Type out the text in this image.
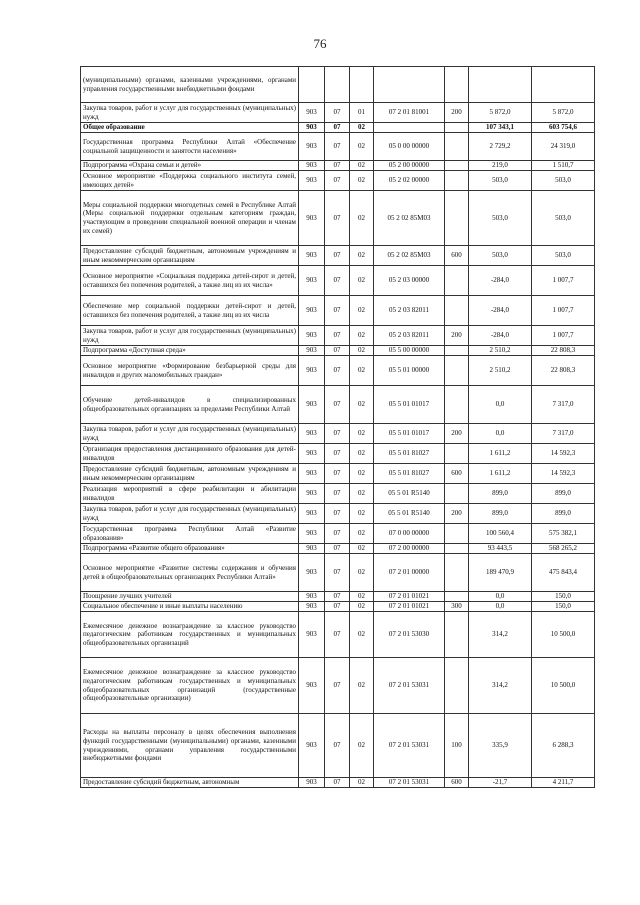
76
(муниципальными) органами, казенными учреждениями, органами управления государственными внебюджетными фондами							
Закупка товаров, работ и услуг для государственных (муниципальных) нужд	903	07	01	07 2 01 81001	200	5 872,0	5 872,0
Общее образование	903	07	02			107 343,1	603 754,6
Государственная программа Республики Алтай «Обеспечение социальной защищенности и занятости населения»	903	07	02	05 0 00 00000		2 729,2	24 319,0
Подпрограмма «Охрана семьи и детей»	903	07	02	05 2 00 00000		219,0	1 510,7
Основное мероприятие «Поддержка социального института семей, имеющих детей»	903	07	02	05 2 02 00000		503,0	503,0
Меры социальной поддержки многодетных семей в Республике Алтай (Меры социальной поддержки отдельным категориям граждан, участвующим в проведении специальной военной операции и членам их семей)	903	07	02	05 2 02 85М03		503,0	503,0
Предоставление субсидий бюджетным, автономным учреждениям и иным некоммерческим организациям	903	07	02	05 2 02 85М03	600	503,0	503,0
Основное мероприятие «Социальная поддержка детей-сирот и детей, оставшихся без попечения родителей, а также лиц из их числа»	903	07	02	05 2 03 00000		-284,0	1 007,7
Обеспечение мер социальной поддержки детей-сирот и детей, оставшихся без попечения родителей, а также лиц из их числа	903	07	02	05 2 03 82011		-284,0	1 007,7
Закупка товаров, работ и услуг для государственных (муниципальных) нужд	903	07	02	05 2 03 82011	200	-284,0	1 007,7
Подпрограмма «Доступная среда»	903	07	02	05 5 00 00000		2 510,2	22 808,3
Основное мероприятие «Формирование безбарьерной среды для инвалидов и других маломобильных граждан»	903	07	02	05 5 01 00000		2 510,2	22 808,3
Обучение детей-инвалидов в специализированных общеобразовательных организациях за пределами Республики Алтай	903	07	02	05 5 01 01017		0,0	7 317,0
Закупка товаров, работ и услуг для государственных (муниципальных) нужд	903	07	02	05 5 01 01017	200	0,0	7 317,0
Организация предоставления дистанционного образования для детей-инвалидов	903	07	02	05 5 01 81027		1 611,2	14 592,3
Предоставление субсидий бюджетным, автономным учреждениям и иным некоммерческим организациям	903	07	02	05 5 01 81027	600	1 611,2	14 592,3
Реализация мероприятий в сфере реабилитации и абилитации инвалидов	903	07	02	05 5 01 R5140		899,0	899,0
Закупка товаров, работ и услуг для государственных (муниципальных) нужд	903	07	02	05 5 01 R5140	200	899,0	899,0
Государственная программа Республики Алтай «Развитие образования»	903	07	02	07 0 00 00000		100 560,4	575 382,1
Подпрограмма «Развитие общего образования»	903	07	02	07 2 00 00000		93 443,5	568 265,2
Основное мероприятие «Развитие системы содержания и обучения детей в общеобразовательных организациях Республики Алтай»	903	07	02	07 2 01 00000		189 470,9	475 843,4
Поощрение лучших учителей	903	07	02	07 2 01 01021		0,0	150,0
Социальное обеспечение и иные выплаты населению	903	07	02	07 2 01 01021	300	0,0	150,0
Ежемесячное денежное вознаграждение за классное руководство педагогическим работникам государственных и муниципальных общеобразовательных организаций	903	07	02	07 2 01 53030		314,2	10 500,0
Ежемесячное денежное вознаграждение за классное руководство педагогическим работникам государственных и муниципальных общеобразовательных организаций (государственные общеобразовательные организации)	903	07	02	07 2 01 53031		314,2	10 500,0
Расходы на выплаты персоналу в целях обеспечения выполнения функций государственными (муниципальными) органами, казенными учреждениями, органами управления государственными внебюджетными фондами	903	07	02	07 2 01 53031	100	335,9	6 288,3
Предоставление субсидий бюджетным, автономным	903	07	02	07 2 01 53031	600	-21,7	4 211,7
